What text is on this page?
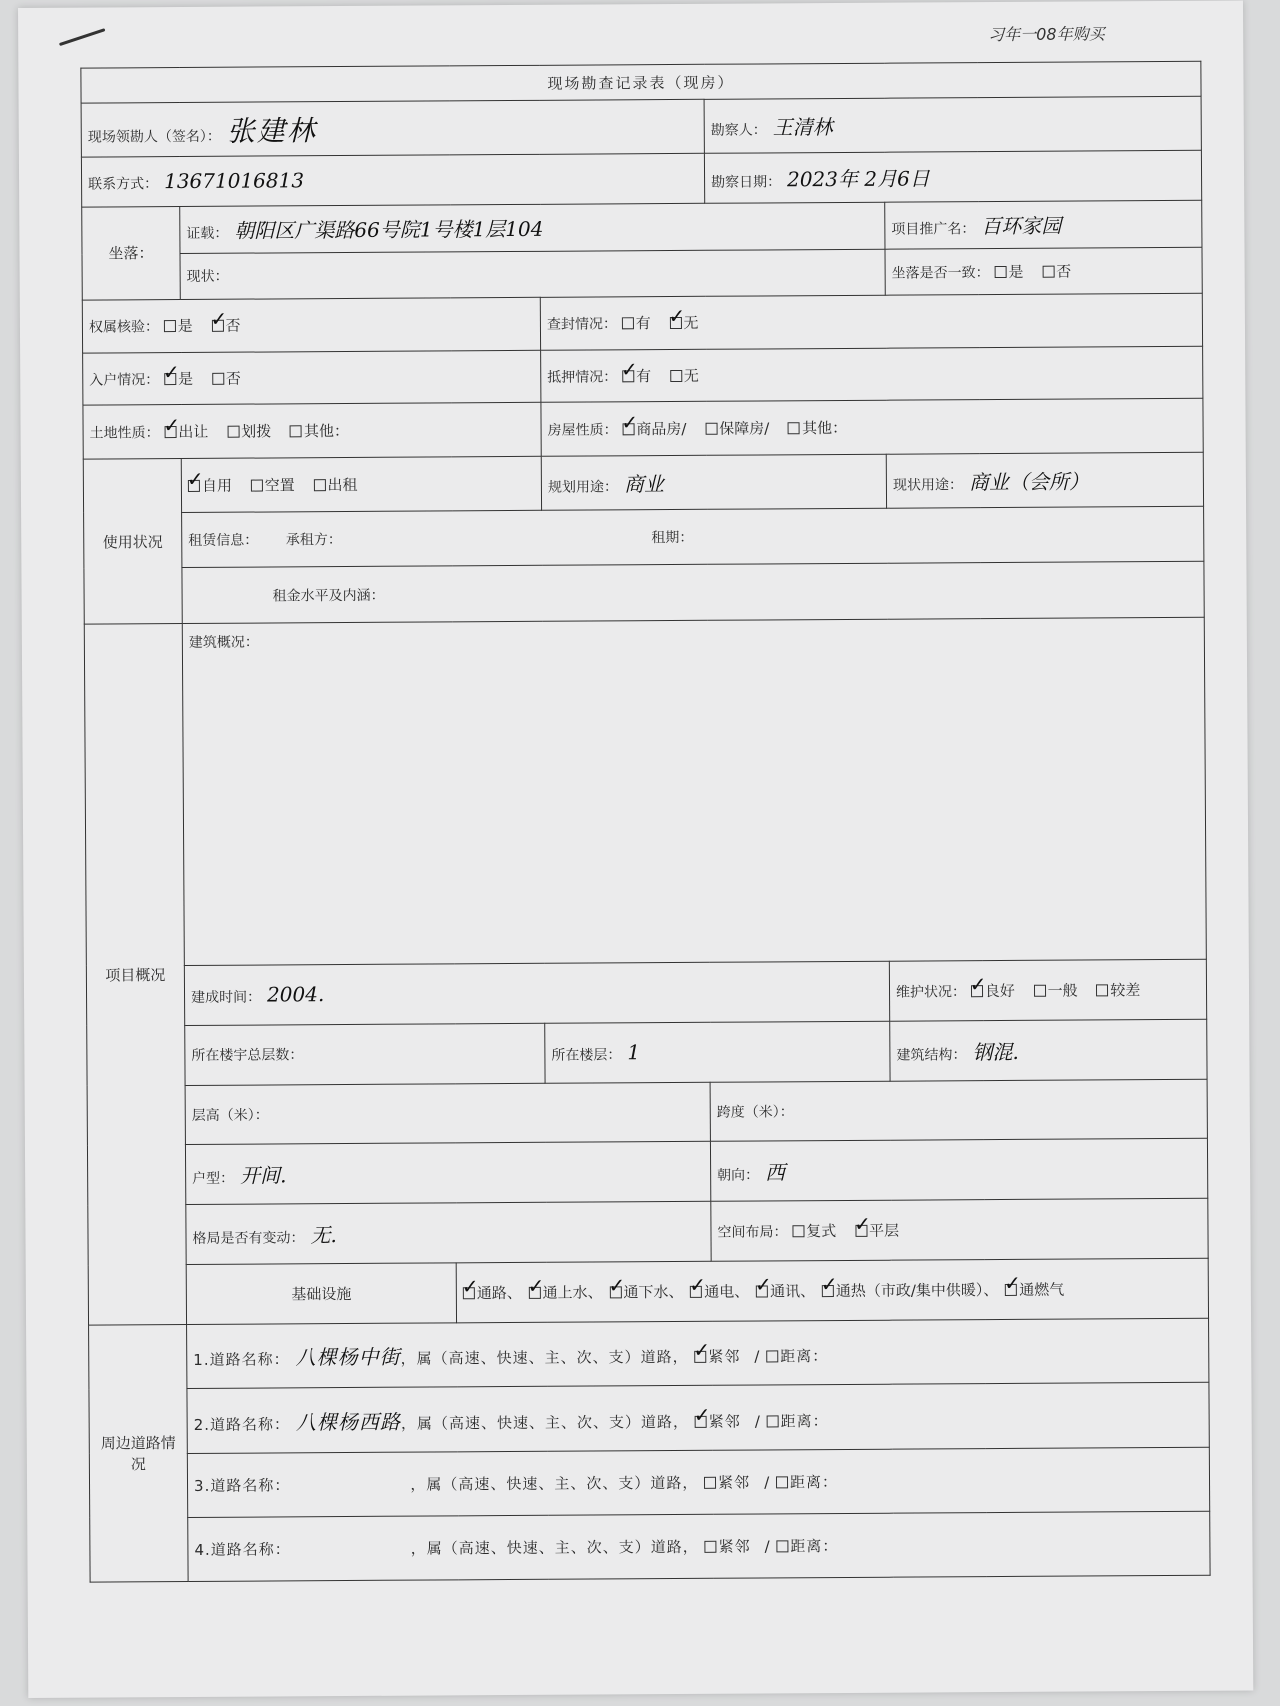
习年一08年购买
现场勘查记录表（现房）					
现场领勘人（签名）： 张建林				勘察人： 王清林	
联系方式： 13671016813				勘察日期： 2023年 2月6日	
坐落：	证载： 朝阳区广渠路66号院1号楼1层104				项目推广名： 百环家园
	现状：				坐落是否一致： 是 否
权属核验： 是 ✓ 否			查封情况： 有 ✓ 无
入户情况： ✓ 是 否			抵押情况： ✓ 有 无
土地性质： ✓ 出让 划拨 其他：			房屋性质： ✓ 商品房/ 保障房/ 其他：
使用状况	✓自用 空置 出租		规划用途： 商业		现状用途： 商业（会所）
	租赁信息： 承租方： 租期：				
	租金水平及内涵：				
项目概况	建筑概况：				
	建成时间： 2004.				维护状况： ✓ 良好 一般 较差
	所在楼宇总层数：		所在楼层： 1		建筑结构： 钢混.
	层高（米）：			跨度（米）：	
	户型： 开间.			朝向： 西	
	格局是否有变动： 无.			空间布局： 复式 ✓ 平层
	基础设施	✓通路、 ✓ 通上水、 ✓ 通下水、 ✓ 通电、 ✓ 通讯、 ✓ 通热（市政/集中供暖）、 ✓ 通燃气
周边道路情况	1.道路名称： 八棵杨中街，属（高速、快速、主、次、支）道路， ✓ 紧邻 / 距离：
	2.道路名称： 八棵杨西路，属（高速、快速、主、次、支）道路， ✓ 紧邻 / 距离：
	3.道路名称： ，属（高速、快速、主、次、支）道路， 紧邻 / 距离：				
	4.道路名称： ，属（高速、快速、主、次、支）道路， 紧邻 / 距离：				
